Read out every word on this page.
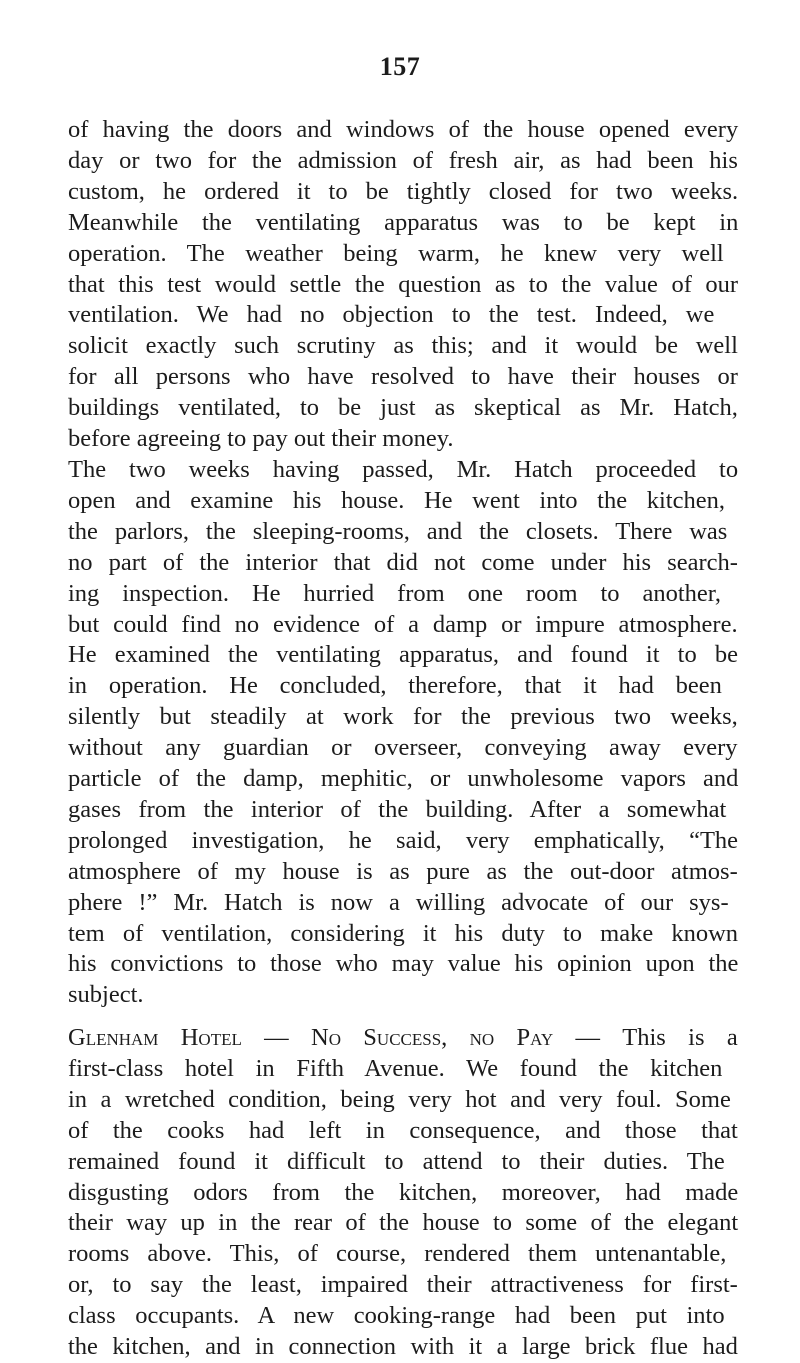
157
of having the doors and windows of the house opened every
day or two for the admission of fresh air, as had been his
custom, he ordered it to be tightly closed for two weeks.
Meanwhile the ventilating apparatus was to be kept in
operation. The weather being warm, he knew very well
that this test would settle the question as to the value of our
ventilation. We had no objection to the test. Indeed, we
solicit exactly such scrutiny as this; and it would be well
for all persons who have resolved to have their houses or
buildings ventilated, to be just as skeptical as Mr. Hatch,
before agreeing to pay out their money.
The two weeks having passed, Mr. Hatch proceeded to
open and examine his house. He went into the kitchen,
the parlors, the sleeping-rooms, and the closets. There was
no part of the interior that did not come under his search-
ing inspection. He hurried from one room to another,
but could find no evidence of a damp or impure atmosphere.
He examined the ventilating apparatus, and found it to be
in operation. He concluded, therefore, that it had been
silently but steadily at work for the previous two weeks,
without any guardian or overseer, conveying away every
particle of the damp, mephitic, or unwholesome vapors and
gases from the interior of the building. After a somewhat
prolonged investigation, he said, very emphatically, “The
atmosphere of my house is as pure as the out-door atmos-
phere !” Mr. Hatch is now a willing advocate of our sys-
tem of ventilation, considering it his duty to make known
his convictions to those who may value his opinion upon the
subject.
Glenham Hotel — No Success, no Pay — This is a
first-class hotel in Fifth Avenue. We found the kitchen
in a wretched condition, being very hot and very foul. Some
of the cooks had left in consequence, and those that
remained found it difficult to attend to their duties. The
disgusting odors from the kitchen, moreover, had made
their way up in the rear of the house to some of the elegant
rooms above. This, of course, rendered them untenantable,
or, to say the least, impaired their attractiveness for first-
class occupants. A new cooking-range had been put into
the kitchen, and in connection with it a large brick flue had
